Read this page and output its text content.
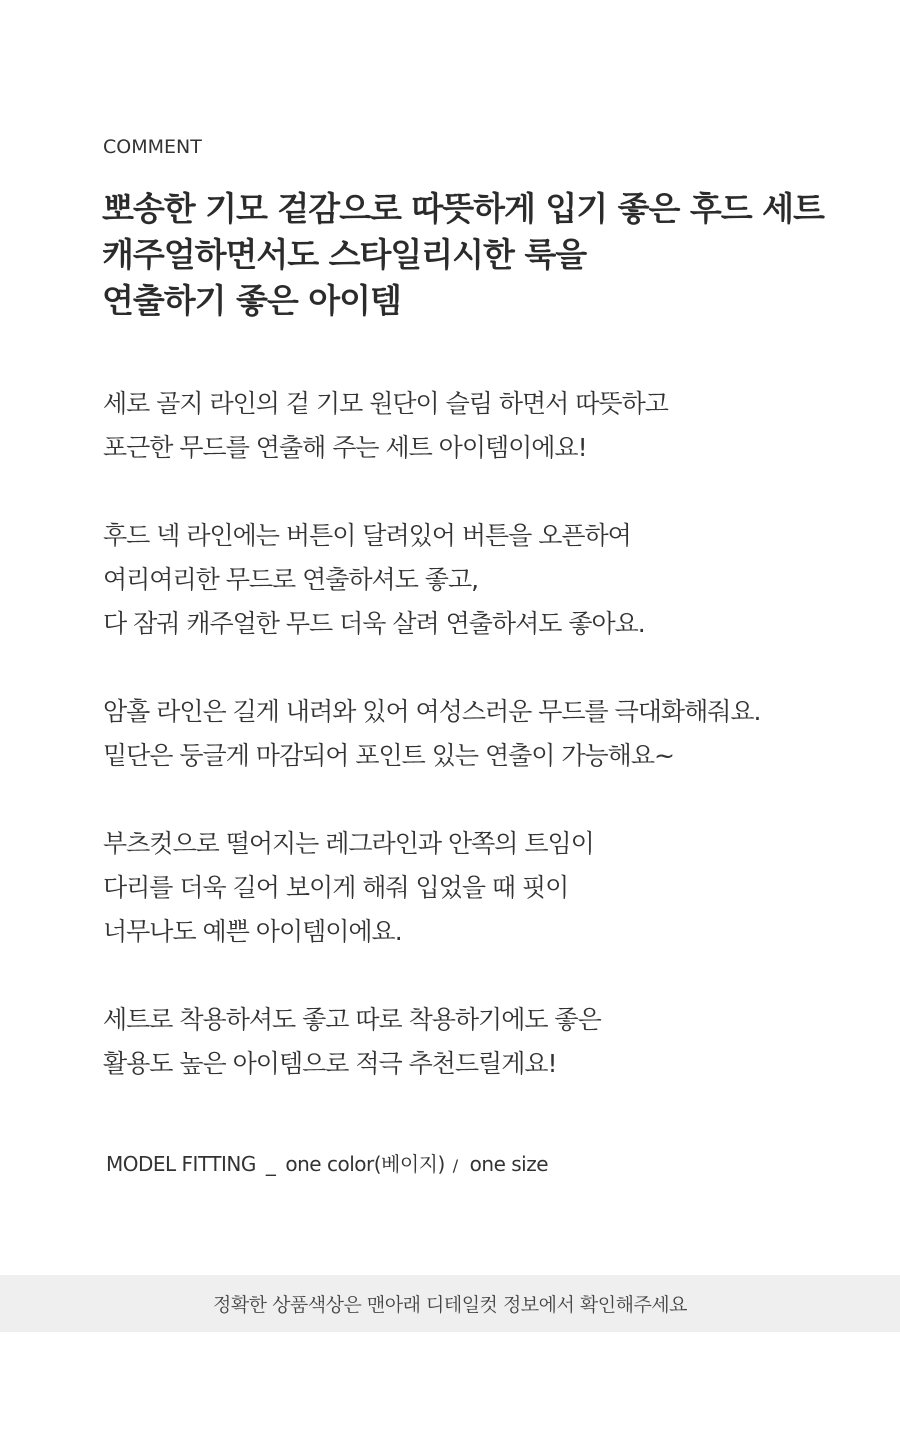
COMMENT
뽀송한 기모 겉감으로 따뜻하게 입기 좋은 후드 세트
캐주얼하면서도 스타일리시한 룩을
연출하기 좋은 아이템
세로 골지 라인의 겉 기모 원단이 슬림 하면서 따뜻하고
포근한 무드를 연출해 주는 세트 아이템이에요!
후드 넥 라인에는 버튼이 달려있어 버튼을 오픈하여
여리여리한 무드로 연출하셔도 좋고,
다 잠궈 캐주얼한 무드 더욱 살려 연출하셔도 좋아요.
암홀 라인은 길게 내려와 있어 여성스러운 무드를 극대화해줘요.
밑단은 둥글게 마감되어 포인트 있는 연출이 가능해요~
부츠컷으로 떨어지는 레그라인과 안쪽의 트임이
다리를 더욱 길어 보이게 해줘 입었을 때 핏이
너무나도 예쁜 아이템이에요.
세트로 착용하셔도 좋고 따로 착용하기에도 좋은
활용도 높은 아이템으로 적극 추천드릴게요!
MODEL FITTING _ one color(베이지) / one size
정확한 상품색상은 맨아래 디테일컷 정보에서 확인해주세요
